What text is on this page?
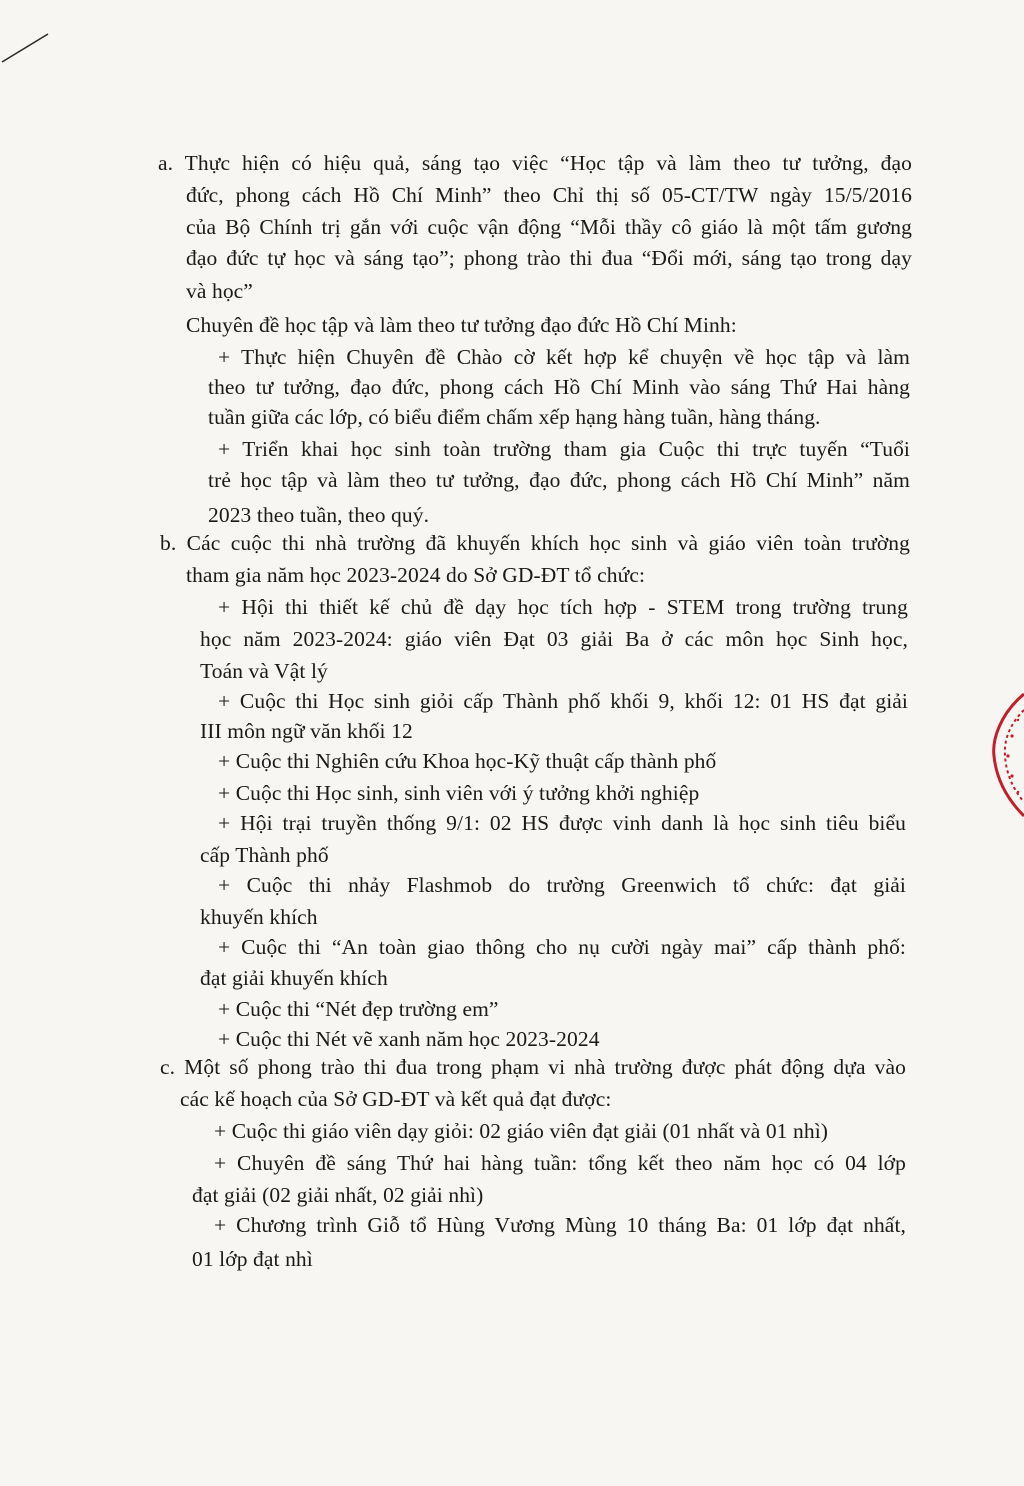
a. Thực hiện có hiệu quả, sáng tạo việc “Học tập và làm theo tư tưởng, đạo
đức, phong cách Hồ Chí Minh” theo Chỉ thị số 05-CT/TW ngày 15/5/2016
của Bộ Chính trị gắn với cuộc vận động “Mỗi thầy cô giáo là một tấm gương
đạo đức tự học và sáng tạo”; phong trào thi đua “Đổi mới, sáng tạo trong dạy
và học”
Chuyên đề học tập và làm theo tư tưởng đạo đức Hồ Chí Minh:
+ Thực hiện Chuyên đề Chào cờ kết hợp kể chuyện về học tập và làm
theo tư tưởng, đạo đức, phong cách Hồ Chí Minh vào sáng Thứ Hai hàng
tuần giữa các lớp, có biểu điểm chấm xếp hạng hàng tuần, hàng tháng.
+ Triển khai học sinh toàn trường tham gia Cuộc thi trực tuyến “Tuổi
trẻ học tập và làm theo tư tưởng, đạo đức, phong cách Hồ Chí Minh” năm
2023 theo tuần, theo quý.
b. Các cuộc thi nhà trường đã khuyến khích học sinh và giáo viên toàn trường
tham gia năm học 2023-2024 do Sở GD-ĐT tổ chức:
+ Hội thi thiết kế chủ đề dạy học tích hợp - STEM trong trường trung
học năm 2023-2024: giáo viên Đạt 03 giải Ba ở các môn học Sinh học,
Toán và Vật lý
+ Cuộc thi Học sinh giỏi cấp Thành phố khối 9, khối 12: 01 HS đạt giải
III môn ngữ văn khối 12
+ Cuộc thi Nghiên cứu Khoa học-Kỹ thuật cấp thành phố
+ Cuộc thi Học sinh, sinh viên với ý tưởng khởi nghiệp
+ Hội trại truyền thống 9/1: 02 HS được vinh danh là học sinh tiêu biểu
cấp Thành phố
+ Cuộc thi nhảy Flashmob do trường Greenwich tổ chức: đạt giải
khuyến khích
+ Cuộc thi “An toàn giao thông cho nụ cười ngày mai” cấp thành phố:
đạt giải khuyến khích
+ Cuộc thi “Nét đẹp trường em”
+ Cuộc thi Nét vẽ xanh năm học 2023-2024
c. Một số phong trào thi đua trong phạm vi nhà trường được phát động dựa vào
các kế hoạch của Sở GD-ĐT và kết quả đạt được:
+ Cuộc thi giáo viên dạy giỏi: 02 giáo viên đạt giải (01 nhất và 01 nhì)
+ Chuyên đề sáng Thứ hai hàng tuần: tổng kết theo năm học có 04 lớp
đạt giải (02 giải nhất, 02 giải nhì)
+ Chương trình Giỗ tổ Hùng Vương Mùng 10 tháng Ba: 01 lớp đạt nhất,
01 lớp đạt nhì
